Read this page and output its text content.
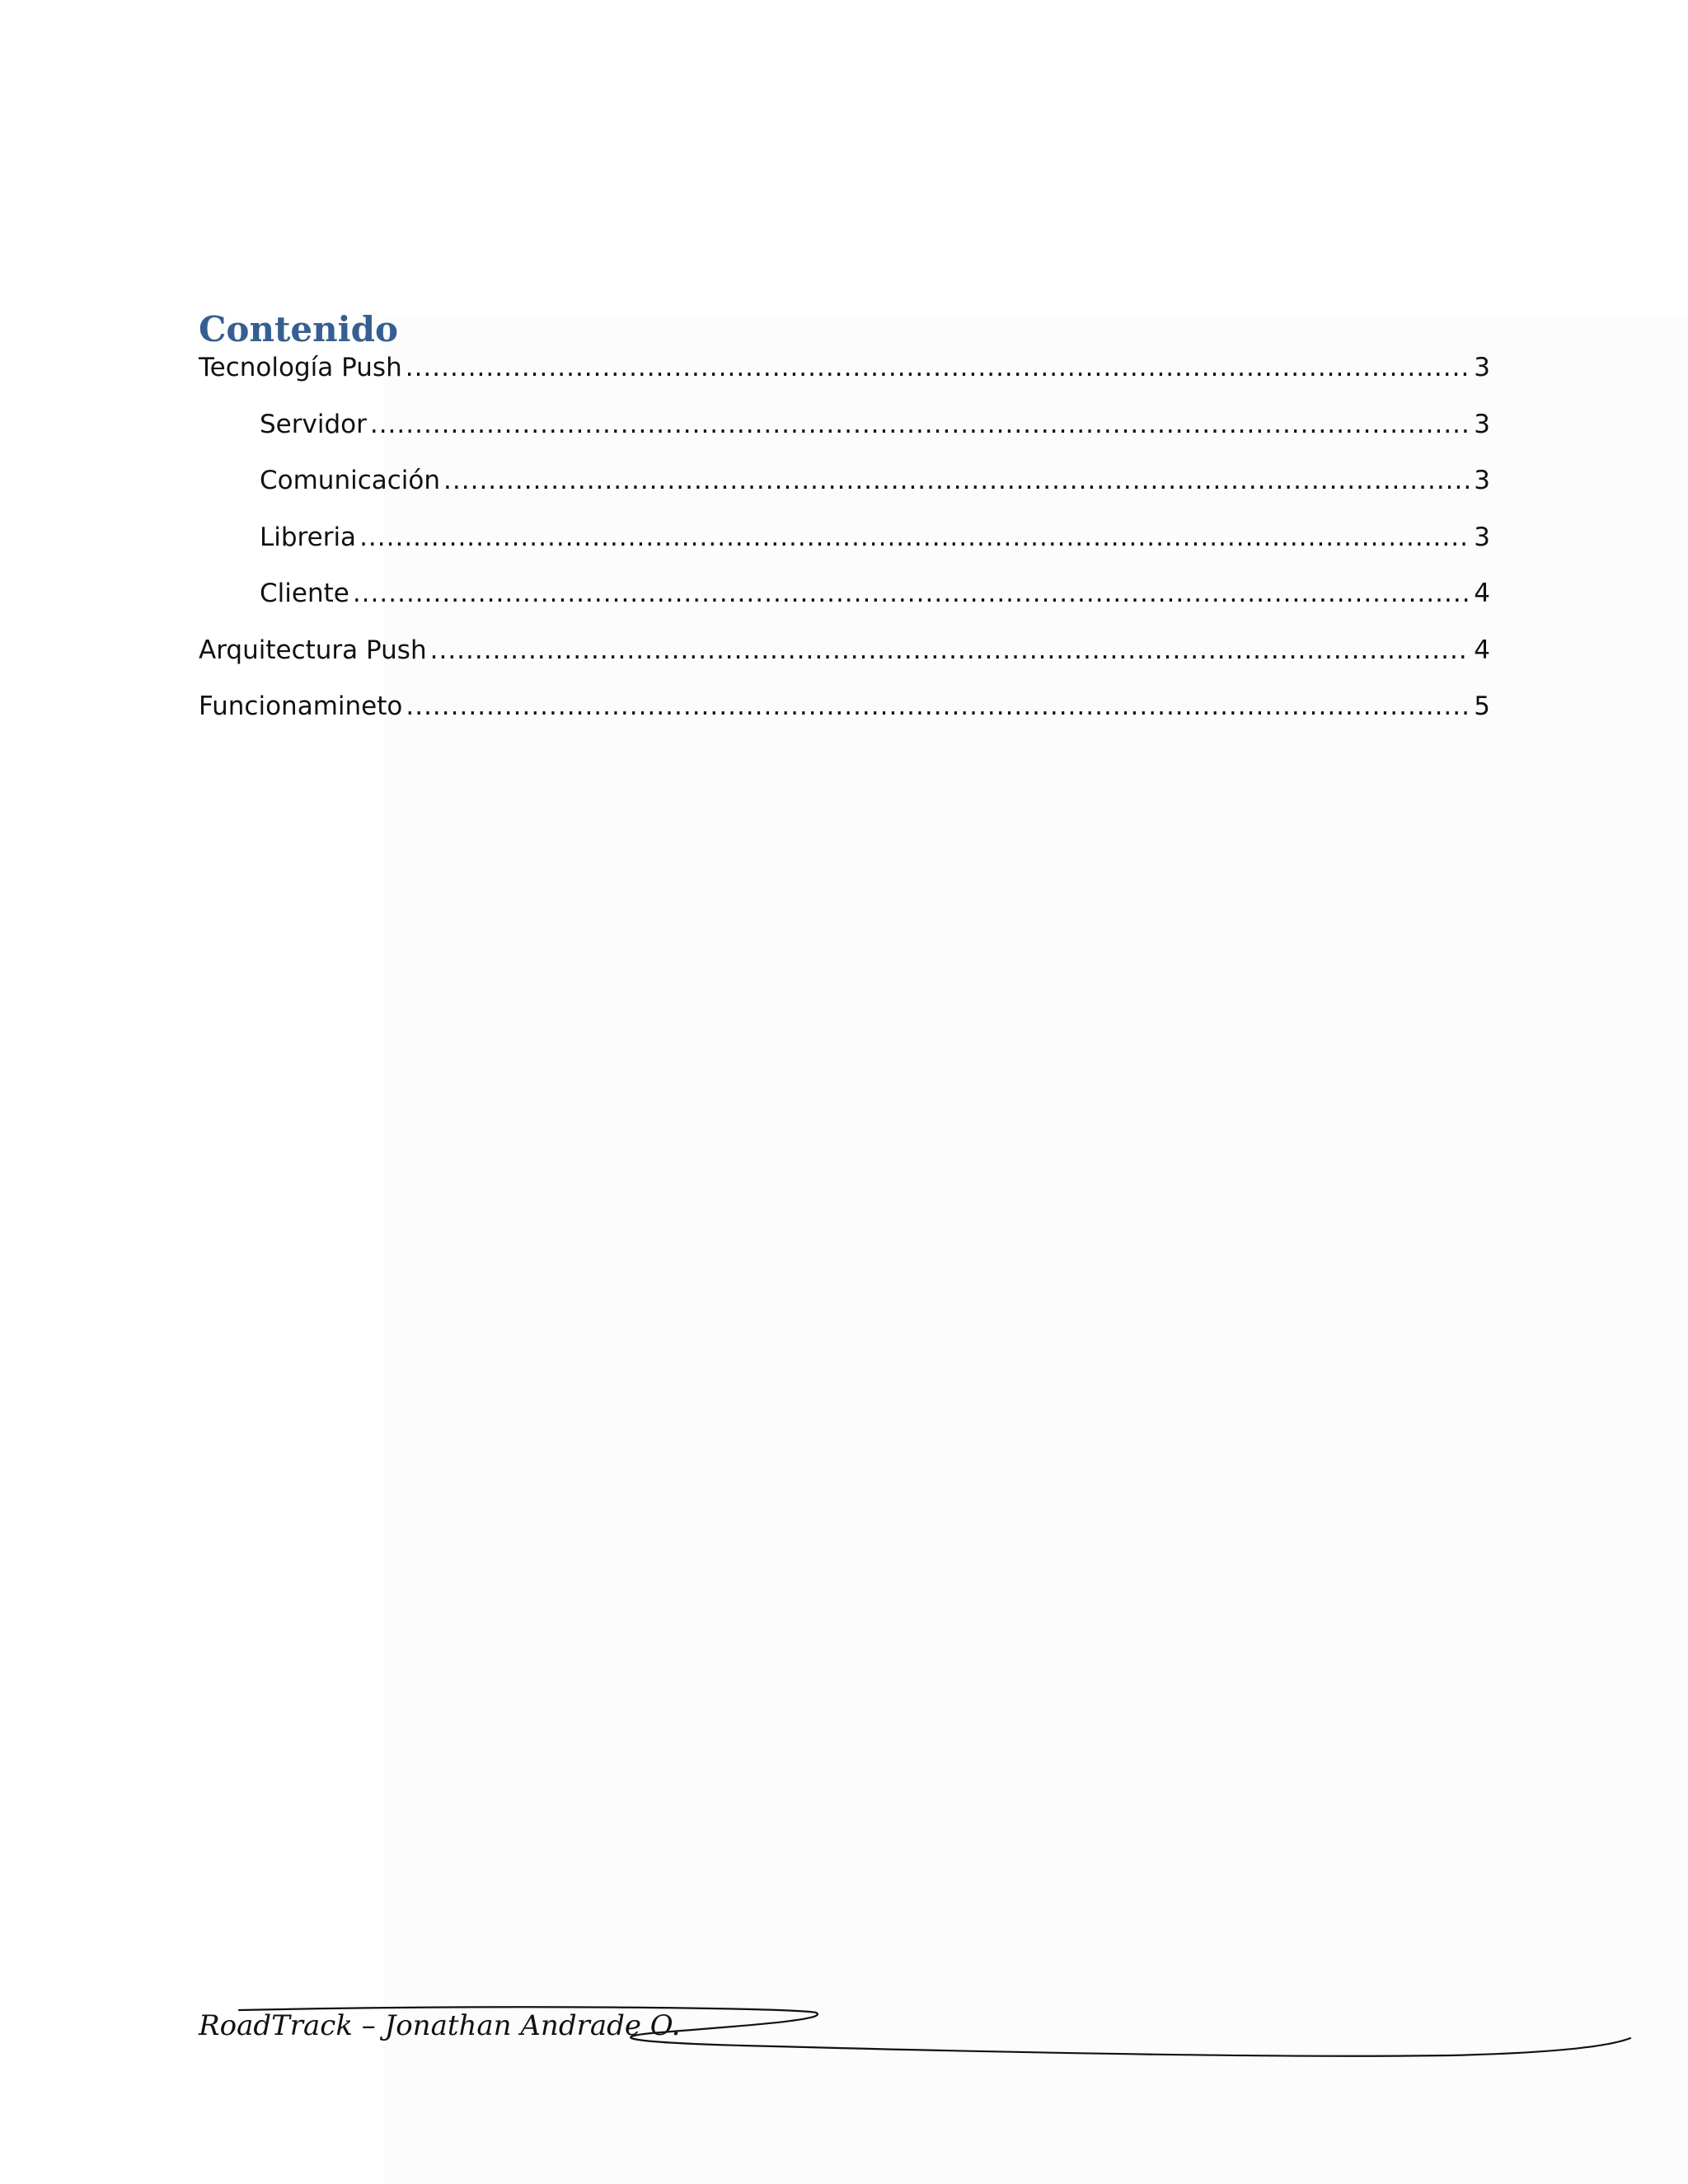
Contenido
Tecnología Push .....	3
Servidor .....	3
Comunicación .....	3
Libreria .....	3
Cliente .....	4
Arquitectura Push .....	4
Funcionamineto .....	5
RoadTrack – Jonathan Andrade O.
